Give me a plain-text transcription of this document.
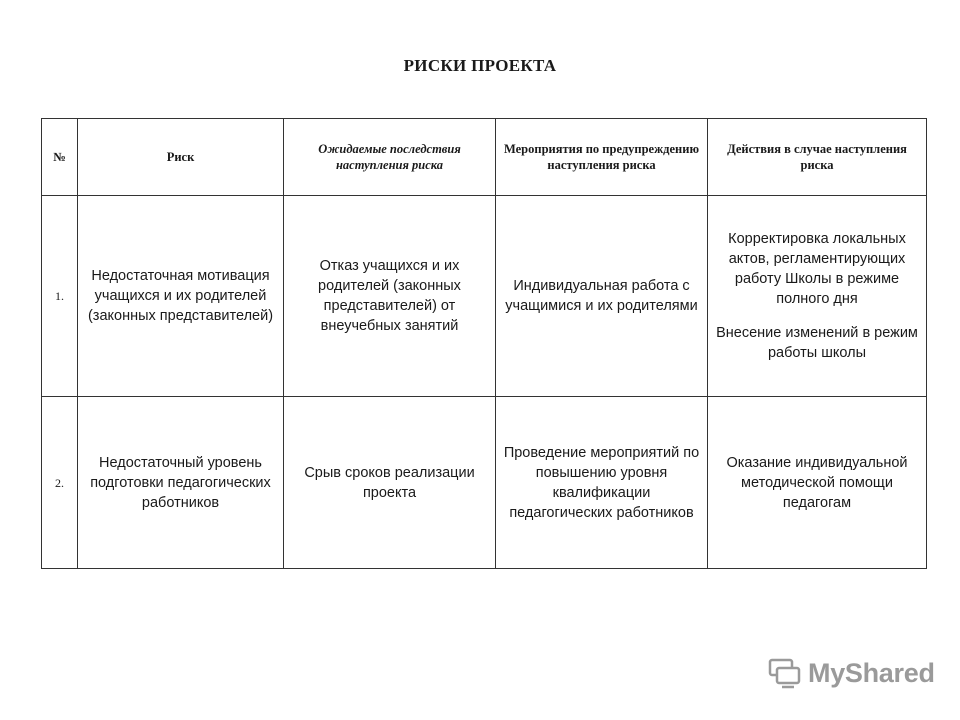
РИСКИ ПРОЕКТА
№	Риск	Ожидаемые последствия наступления риска	Мероприятия по предупреждению наступления риска	Действия в случае наступления риска
1.	Недостаточная мотивация учащихся и их родителей (законных представителей)	Отказ учащихся и их родителей (законных представителей) от внеучебных занятий	Индивидуальная работа с учащимися и их родителями	Корректировка локальных актов, регламентирующих работу Школы в режиме полного дня
Внесение изменений в режим работы школы

2.	Недостаточный уровень подготовки педагогических работников	Срыв сроков реализации проекта	Проведение мероприятий по повышению уровня квалификации педагогических работников	Оказание индивидуальной методической помощи педагогам
MyShared
